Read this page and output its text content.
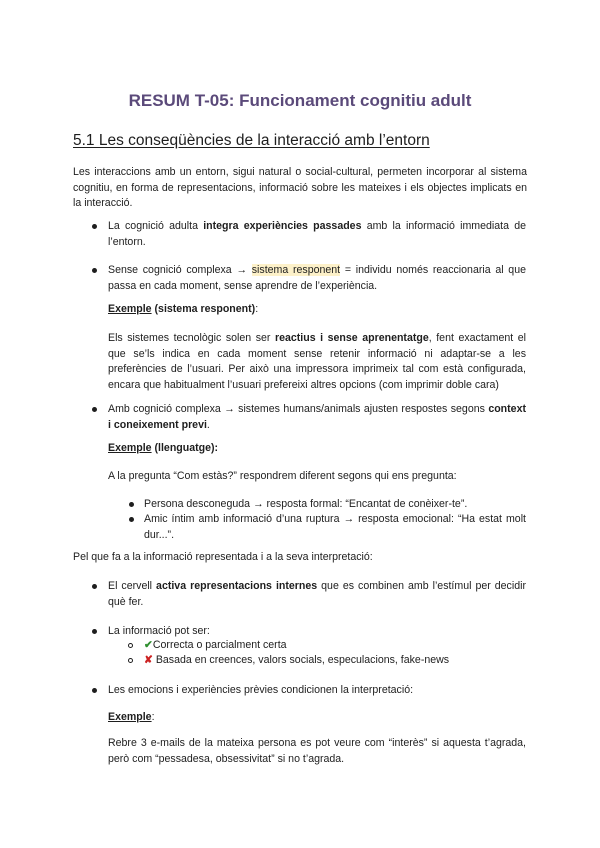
RESUM T-05: Funcionament cognitiu adult
5.1 Les conseqüències de la interacció amb l’entorn

Les interaccions amb un entorn, sigui natural o social-cultural, permeten incorporar al sistema cognitiu, en forma de representacions, informació sobre les mateixes i els objectes implicats en la interacció.

La cognició adulta integra experiències passades amb la informació immediata de l’entorn.

Sense cognició complexa → sistema responent = individu només reaccionaria al que passa en cada moment, sense aprendre de l’experiència.

Exemple (sistema responent):

Els sistemes tecnològic solen ser reactius i sense aprenentatge, fent exactament el que se’ls indica en cada moment sense retenir informació ni adaptar-se a les preferències de l’usuari. Per això una impressora imprimeix tal com està configurada, encara que habitualment l’usuari prefereixi altres opcions (com imprimir doble cara)

Amb cognició complexa → sistemes humans/animals ajusten respostes segons context i coneixement previ.

Exemple (llenguatge):

A la pregunta “Com estàs?” respondrem diferent segons qui ens pregunta:

Persona desconeguda → resposta formal: “Encantat de conèixer-te”.

Amic íntim amb informació d’una ruptura → resposta emocional: “Ha estat molt dur...”.

Pel que fa a la informació representada i a la seva interpretació:

El cervell activa representacions internes que es combinen amb l’estímul per decidir què fer.

La informació pot ser:

✔Correcta o parcialment certa

✘ Basada en creences, valors socials, especulacions, fake-news

Les emocions i experiències prèvies condicionen la interpretació:

Exemple:

Rebre 3 e-mails de la mateixa persona es pot veure com “interès” si aquesta t’agrada, però com “pessadesa, obsessivitat” si no t’agrada.
